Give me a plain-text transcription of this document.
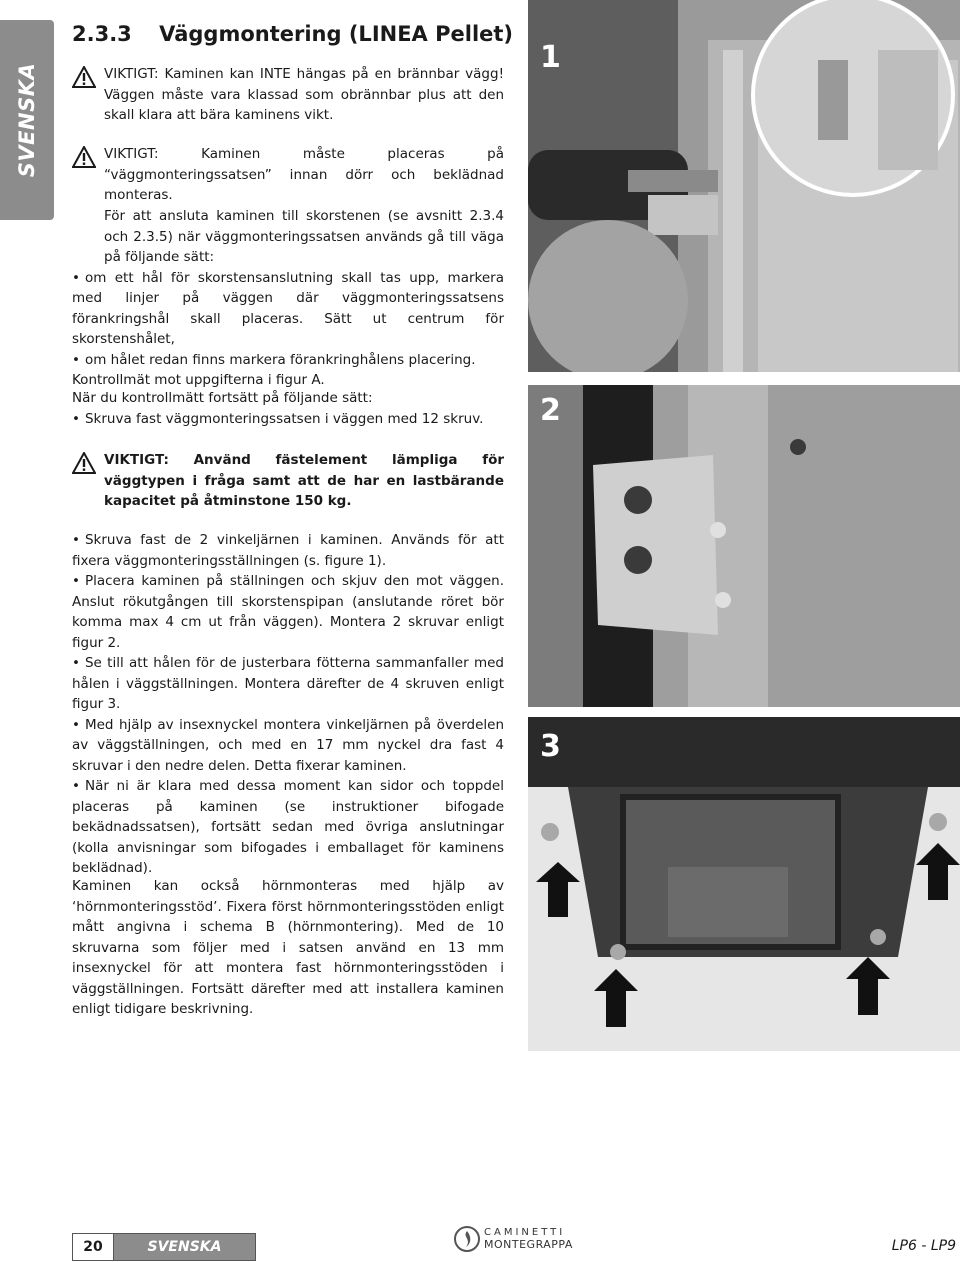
SVENSKA
2.3.3 Väggmontering (LINEA Pellet)

VIKTIGT: Kaminen kan INTE hängas på en brännbar vägg! Väggen måste vara klassad som obrännbar plus att den skall klara att bära kaminens vikt.

VIKTIGT: Kaminen måste placeras på “väggmonteringssatsen” innan dörr och beklädnad monteras.

För att ansluta kaminen till skorstenen (se avsnitt 2.3.4 och 2.3.5) när väggmonteringssatsen används gå till väga på följande sätt:

• om ett hål för skorstensanslutning skall tas upp, markera med linjer på väggen där väggmonteringssatsens förankringshål skall placeras. Sätt ut centrum för skorstenshålet,

• om hålet redan finns markera förankringhålens placering.

Kontrollmät mot uppgifterna i figur A.

När du kontrollmätt fortsätt på följande sätt:

• Skruva fast väggmonteringssatsen i väggen med 12 skruv.

VIKTIGT: Använd fästelement lämpliga för väggtypen i fråga samt att de har en lastbärande kapacitet på åtminstone 150 kg.

• Skruva fast de 2 vinkeljärnen i kaminen. Används för att fixera väggmonteringsställningen (s. figure 1).

• Placera kaminen på ställningen och skjuv den mot väggen. Anslut rökutgången till skorstenspipan (anslutande röret bör komma max 4 cm ut från väggen). Montera 2 skruvar enligt figur 2.

• Se till att hålen för de justerbara fötterna sammanfaller med hålen i väggställningen. Montera därefter de 4 skruven enligt figur 3.

• Med hjälp av insexnyckel montera vinkeljärnen på överdelen av väggställningen, och med en 17 mm nyckel dra fast 4 skruvar i den nedre delen. Detta fixerar kaminen.

• När ni är klara med dessa moment kan sidor och toppdel placeras på kaminen (se instruktioner bifogade bekädnadssatsen), fortsätt sedan med övriga anslutningar (kolla anvisningar som bifogades i emballaget för kaminens beklädnad).

Kaminen kan också hörnmonteras med hjälp av ‘hörnmonteringsstöd’. Fixera först hörnmonteringsstöden enligt mått angivna i schema B (hörnmontering). Med de 10 skruvarna som följer med i satsen använd en 13 mm insexnyckel för att montera fast hörnmonteringsstöden i väggställningen. Fortsätt därefter med att installera kaminen enligt tidigare beskrivning.

1
2
3
20	SVENSKA
CAMINETTI
MONTEGRAPPA	LP6 - LP9
